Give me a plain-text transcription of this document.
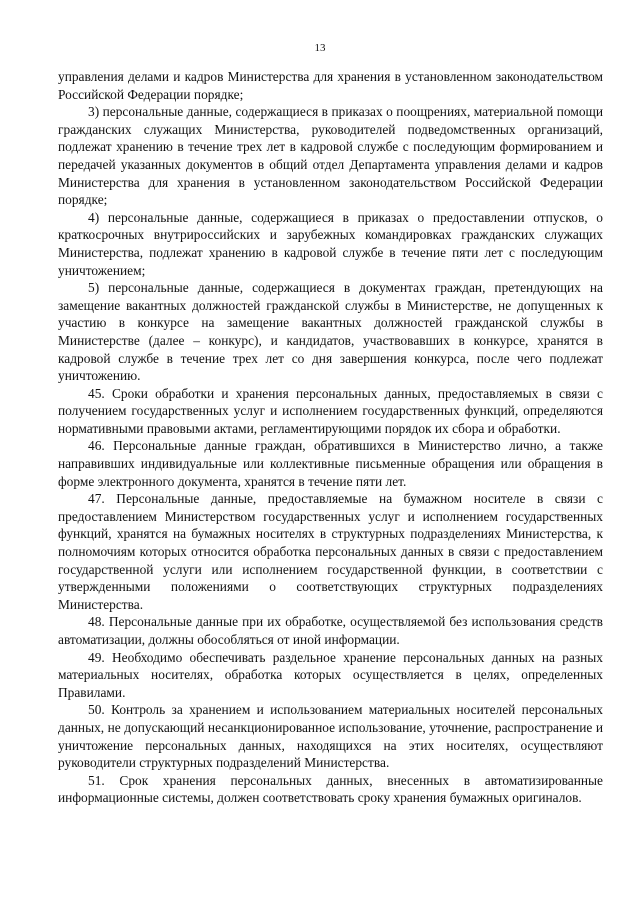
13

управления делами и кадров Министерства для хранения в установленном законодательством Российской Федерации порядке;

3) персональные данные, содержащиеся в приказах о поощрениях, материальной помощи гражданских служащих Министерства, руководителей подведомственных организаций, подлежат хранению в течение трех лет в кадровой службе с последующим формированием и передачей указанных документов в общий отдел Департамента управления делами и кадров Министерства для хранения в установленном законодательством Российской Федерации порядке;

4) персональные данные, содержащиеся в приказах о предоставлении отпусков, о краткосрочных внутрироссийских и зарубежных командировках гражданских служащих Министерства, подлежат хранению в кадровой службе в течение пяти лет с последующим уничтожением;

5) персональные данные, содержащиеся в документах граждан, претендующих на замещение вакантных должностей гражданской службы в Министерстве, не допущенных к участию в конкурсе на замещение вакантных должностей гражданской службы в Министерстве (далее – конкурс), и кандидатов, участвовавших в конкурсе, хранятся в кадровой службе в течение трех лет со дня завершения конкурса, после чего подлежат уничтожению.

45. Сроки обработки и хранения персональных данных, предоставляемых в связи с получением государственных услуг и исполнением государственных функций, определяются нормативными правовыми актами, регламентирующими порядок их сбора и обработки.

46. Персональные данные граждан, обратившихся в Министерство лично, а также направивших индивидуальные или коллективные письменные обращения или обращения в форме электронного документа, хранятся в течение пяти лет.

47. Персональные данные, предоставляемые на бумажном носителе в связи с предоставлением Министерством государственных услуг и исполнением государственных функций, хранятся на бумажных носителях в структурных подразделениях Министерства, к полномочиям которых относится обработка персональных данных в связи с предоставлением государственной услуги или исполнением государственной функции, в соответствии с утвержденными положениями о соответствующих структурных подразделениях Министерства.

48. Персональные данные при их обработке, осуществляемой без использования средств автоматизации, должны обособляться от иной информации.

49. Необходимо обеспечивать раздельное хранение персональных данных на разных материальных носителях, обработка которых осуществляется в целях, определенных Правилами.

50. Контроль за хранением и использованием материальных носителей персональных данных, не допускающий несанкционированное использование, уточнение, распространение и уничтожение персональных данных, находящихся на этих носителях, осуществляют руководители структурных подразделений Министерства.

51. Срок хранения персональных данных, внесенных в автоматизированные информационные системы, должен соответствовать сроку хранения бумажных оригиналов.
